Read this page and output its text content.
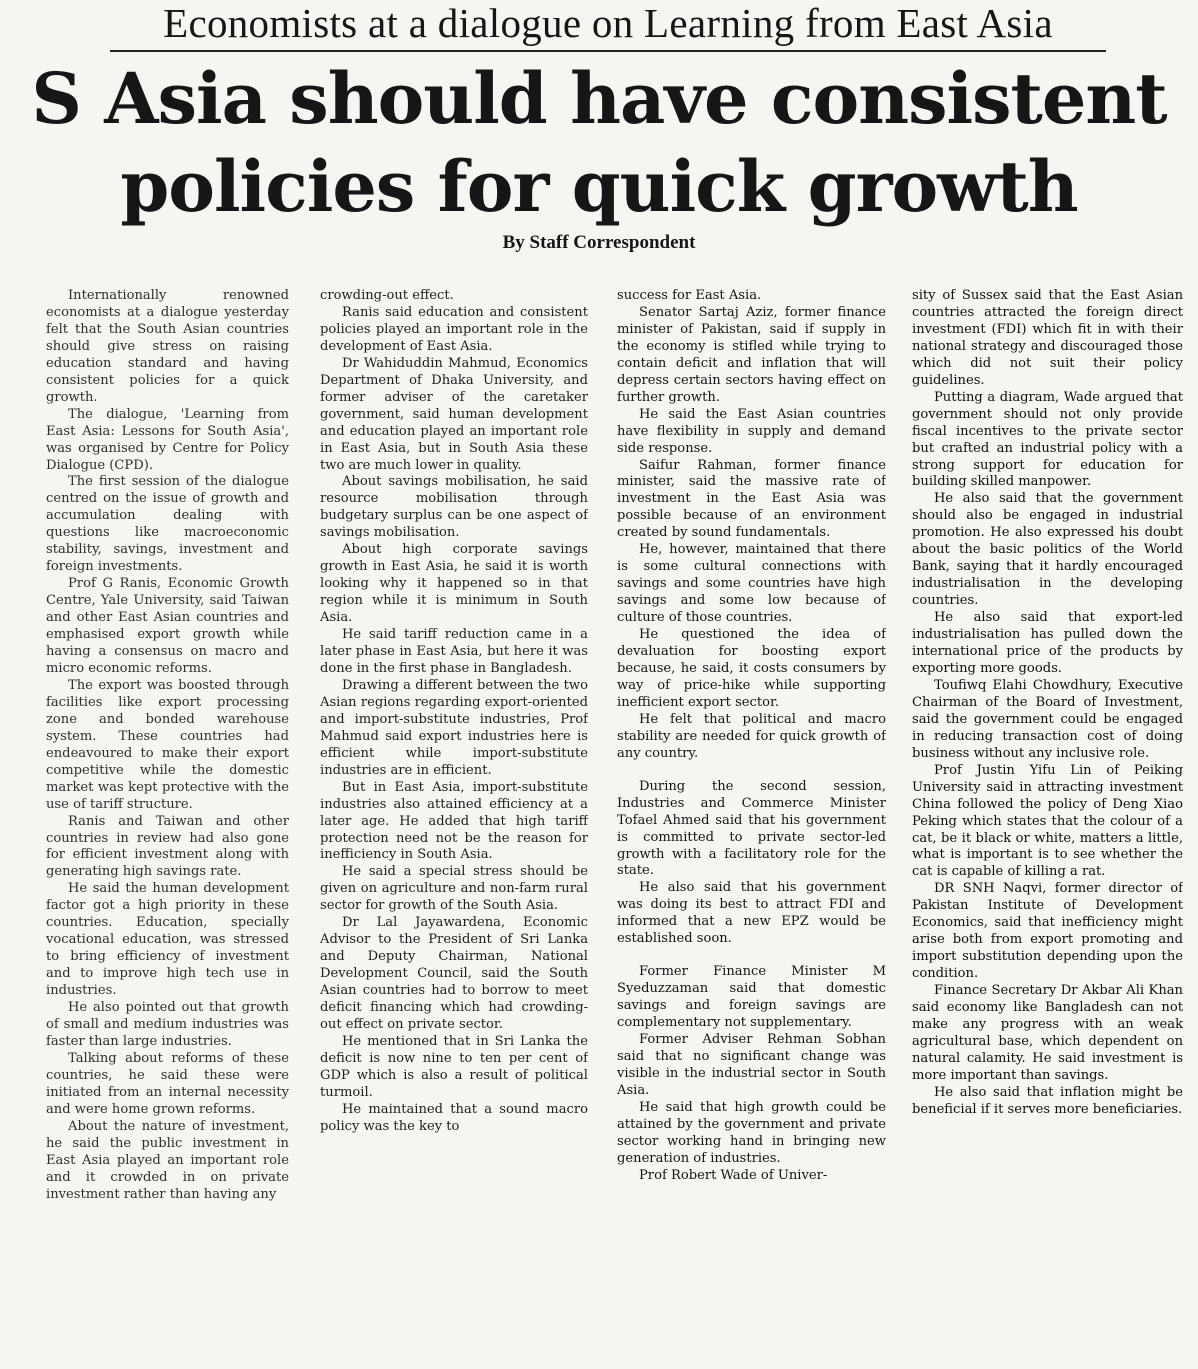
Economists at a dialogue on Learning from East Asia
S Asia should have consistent
policies for quick growth
By Staff Correspondent

Internationally renowned economists at a dialogue yesterday felt that the South Asian countries should give stress on raising education standard and having consistent policies for a quick growth.

The dialogue, 'Learning from East Asia: Lessons for South Asia', was organised by Centre for Policy Dialogue (CPD).

The first session of the dialogue centred on the issue of growth and accumulation dealing with questions like macroeconomic stability, savings, investment and foreign investments.

Prof G Ranis, Economic Growth Centre, Yale University, said Taiwan and other East Asian countries and emphasised export growth while having a consensus on macro and micro economic reforms.

The export was boosted through facilities like export processing zone and bonded warehouse system. These countries had endeavoured to make their export competitive while the domestic market was kept protective with the use of tariff structure.

Ranis and Taiwan and other countries in review had also gone for efficient investment along with generating high savings rate.

He said the human development factor got a high priority in these countries. Education, specially vocational education, was stressed to bring efficiency of investment and to improve high tech use in industries.

He also pointed out that growth of small and medium industries was faster than large industries.

Talking about reforms of these countries, he said these were initiated from an internal necessity and were home grown reforms.

About the nature of investment, he said the public investment in East Asia played an important role and it crowded in on private investment rather than having any

crowding-out effect.

Ranis said education and consistent policies played an important role in the development of East Asia.

Dr Wahiduddin Mahmud, Economics Department of Dhaka University, and former adviser of the caretaker government, said human development and education played an important role in East Asia, but in South Asia these two are much lower in quality.

About savings mobilisation, he said resource mobilisation through budgetary surplus can be one aspect of savings mobilisation.

About high corporate savings growth in East Asia, he said it is worth looking why it happened so in that region while it is minimum in South Asia.

He said tariff reduction came in a later phase in East Asia, but here it was done in the first phase in Bangladesh.

Drawing a different between the two Asian regions regarding export-oriented and import-substitute industries, Prof Mahmud said export industries here is efficient while import-substitute industries are in efficient.

But in East Asia, import-substitute industries also attained efficiency at a later age. He added that high tariff protection need not be the reason for inefficiency in South Asia.

He said a special stress should be given on agriculture and non-farm rural sector for growth of the South Asia.

Dr Lal Jayawardena, Economic Advisor to the President of Sri Lanka and Deputy Chairman, National Development Council, said the South Asian countries had to borrow to meet deficit financing which had crowding-out effect on private sector.

He mentioned that in Sri Lanka the deficit is now nine to ten per cent of GDP which is also a result of political turmoil.

He maintained that a sound macro policy was the key to

success for East Asia.

Senator Sartaj Aziz, former finance minister of Pakistan, said if supply in the economy is stifled while trying to contain deficit and inflation that will depress certain sectors having effect on further growth.

He said the East Asian countries have flexibility in supply and demand side response.

Saifur Rahman, former finance minister, said the massive rate of investment in the East Asia was possible because of an environment created by sound fundamentals.

He, however, maintained that there is some cultural connections with savings and some countries have high savings and some low because of culture of those countries.

He questioned the idea of devaluation for boosting export because, he said, it costs consumers by way of price-hike while supporting inefficient export sector.

He felt that political and macro stability are needed for quick growth of any country.

During the second session, Industries and Commerce Minister Tofael Ahmed said that his government is committed to private sector-led growth with a facilitatory role for the state.

He also said that his government was doing its best to attract FDI and informed that a new EPZ would be established soon.

Former Finance Minister M Syeduzzaman said that domestic savings and foreign savings are complementary not supplementary.

Former Adviser Rehman Sobhan said that no significant change was visible in the industrial sector in South Asia.

He said that high growth could be attained by the government and private sector working hand in bringing new generation of industries.

Prof Robert Wade of Univer-

sity of Sussex said that the East Asian countries attracted the foreign direct investment (FDI) which fit in with their national strategy and discouraged those which did not suit their policy guidelines.

Putting a diagram, Wade argued that government should not only provide fiscal incentives to the private sector but crafted an industrial policy with a strong support for education for building skilled manpower.

He also said that the government should also be engaged in industrial promotion. He also expressed his doubt about the basic politics of the World Bank, saying that it hardly encouraged industrialisation in the developing countries.

He also said that export-led industrialisation has pulled down the international price of the products by exporting more goods.

Toufiwq Elahi Chowdhury, Executive Chairman of the Board of Investment, said the government could be engaged in reducing transaction cost of doing business without any inclusive role.

Prof Justin Yifu Lin of Peiking University said in attracting investment China followed the policy of Deng Xiao Peking which states that the colour of a cat, be it black or white, matters a little, what is important is to see whether the cat is capable of killing a rat.

DR SNH Naqvi, former director of Pakistan Institute of Development Economics, said that inefficiency might arise both from export promoting and import substitution depending upon the condition.

Finance Secretary Dr Akbar Ali Khan said economy like Bangladesh can not make any progress with an weak agricultural base, which dependent on natural calamity. He said investment is more important than savings.

He also said that inflation might be beneficial if it serves more beneficiaries.
